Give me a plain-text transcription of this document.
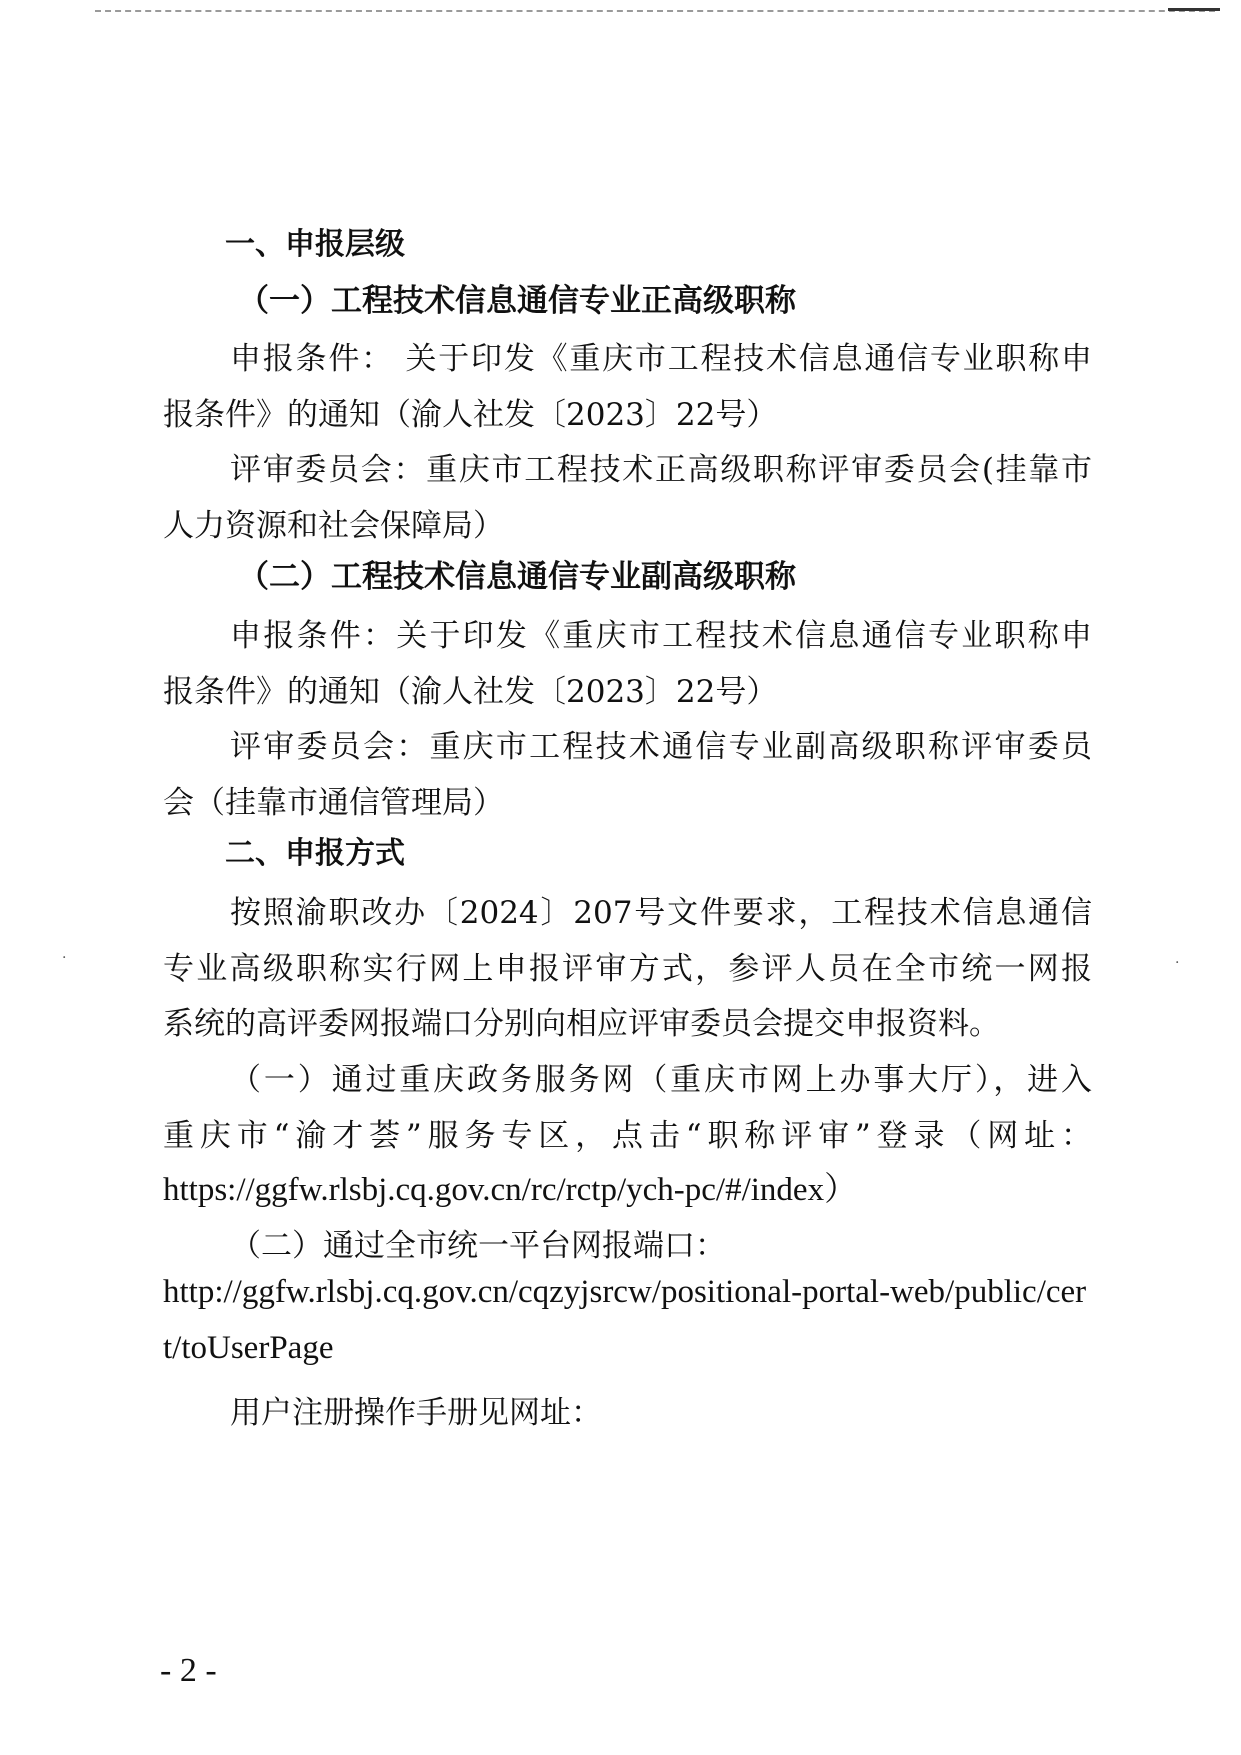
一、申报层级
（一）工程技术信息通信专业正高级职称
申报条件： 关于印发《重庆市工程技术信息通信专业职称申
报条件》的通知（渝人社发〔2023〕22号）
评审委员会：重庆市工程技术正高级职称评审委员会(挂靠市
人力资源和社会保障局）
（二）工程技术信息通信专业副高级职称
申报条件：关于印发《重庆市工程技术信息通信专业职称申
报条件》的通知（渝人社发〔2023〕22号）
评审委员会：重庆市工程技术通信专业副高级职称评审委员
会（挂靠市通信管理局）
二、申报方式
按照渝职改办〔2024〕207号文件要求，工程技术信息通信
专业高级职称实行网上申报评审方式，参评人员在全市统一网报
系统的高评委网报端口分别向相应评审委员会提交申报资料。
（一）通过重庆政务服务网（重庆市网上办事大厅），进入
重庆市“渝才荟”服务专区，点击“职称评审”登录（网址：
https://ggfw.rlsbj.cq.gov.cn/rc/rctp/ych-pc/#/index）
（二）通过全市统一平台网报端口：
http://ggfw.rlsbj.cq.gov.cn/cqzyjsrcw/positional-portal-web/public/cer
t/toUserPage
用户注册操作手册见网址：
- 2 -
·	·
